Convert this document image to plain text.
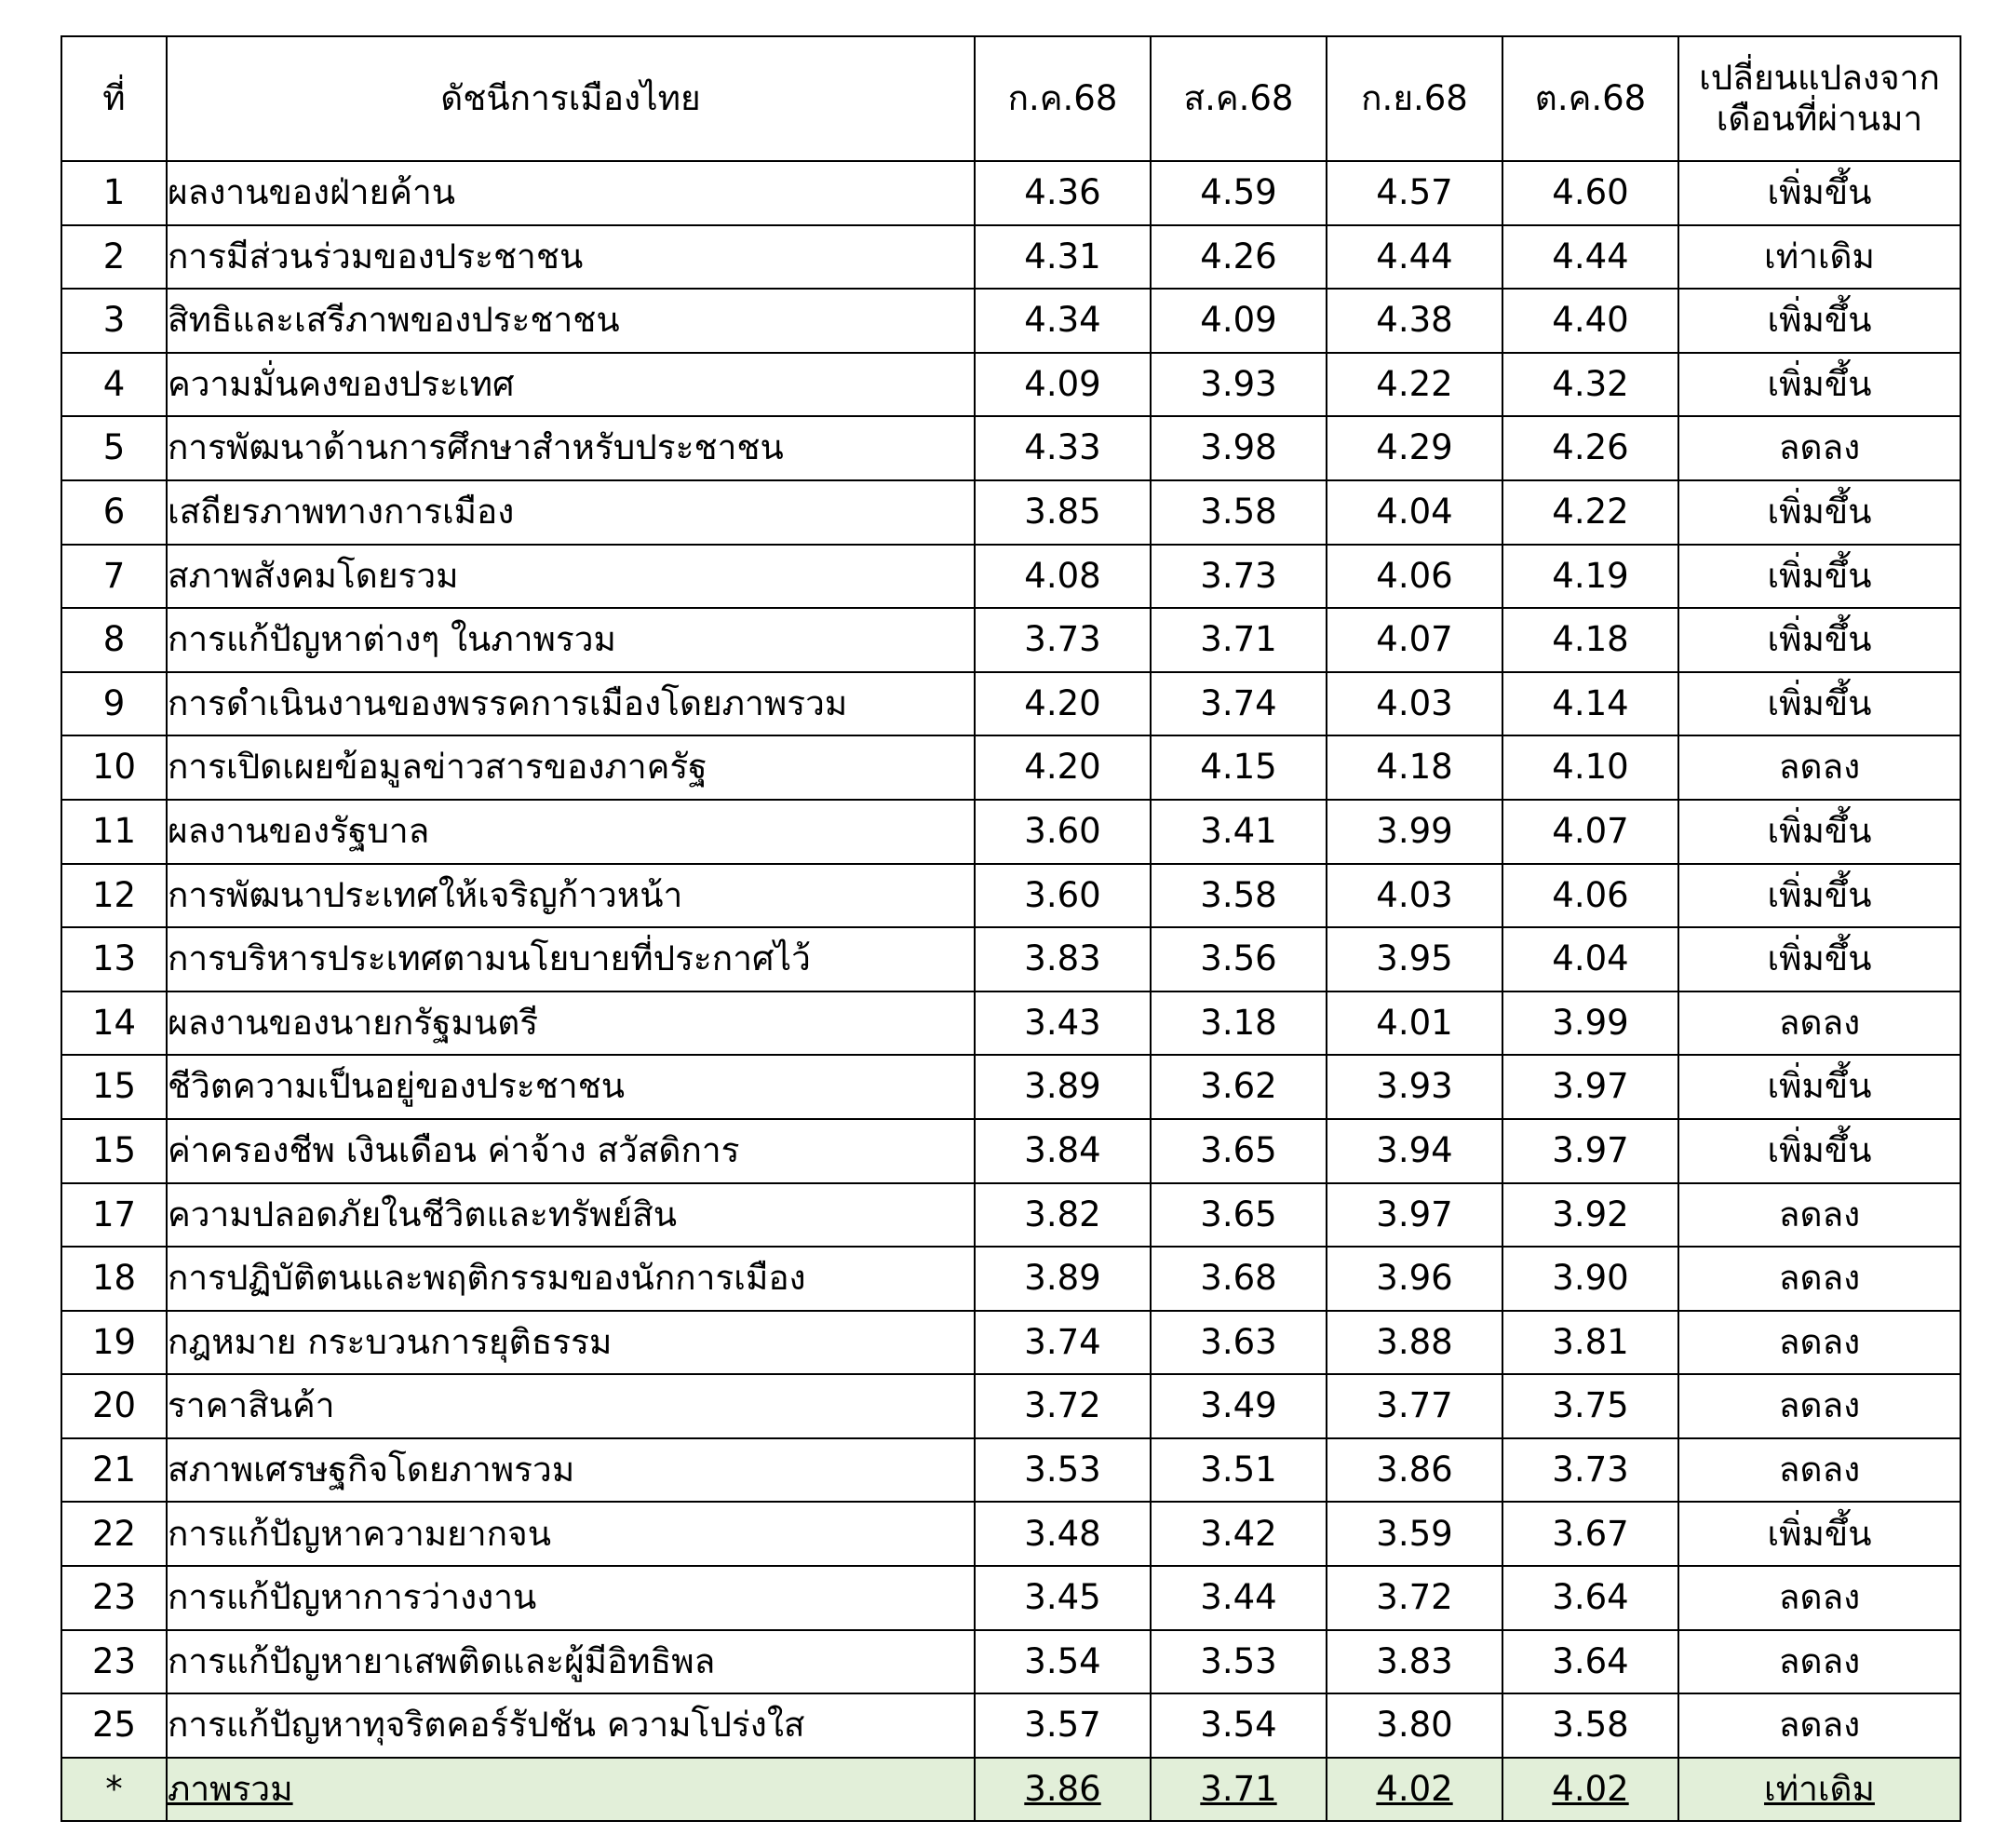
ที่	ดัชนีการเมืองไทย	ก.ค.68	ส.ค.68	ก.ย.68	ต.ค.68	เปลี่ยนแปลงจาก
เดือนที่ผ่านมา

1	ผลงานของฝ่ายค้าน	4.36	4.59	4.57	4.60	เพิ่มขึ้น
2	การมีส่วนร่วมของประชาชน	4.31	4.26	4.44	4.44	เท่าเดิม
3	สิทธิและเสรีภาพของประชาชน	4.34	4.09	4.38	4.40	เพิ่มขึ้น
4	ความมั่นคงของประเทศ	4.09	3.93	4.22	4.32	เพิ่มขึ้น
5	การพัฒนาด้านการศึกษาสำหรับประชาชน	4.33	3.98	4.29	4.26	ลดลง
6	เสถียรภาพทางการเมือง	3.85	3.58	4.04	4.22	เพิ่มขึ้น
7	สภาพสังคมโดยรวม	4.08	3.73	4.06	4.19	เพิ่มขึ้น
8	การแก้ปัญหาต่างๆ ในภาพรวม	3.73	3.71	4.07	4.18	เพิ่มขึ้น
9	การดำเนินงานของพรรคการเมืองโดยภาพรวม	4.20	3.74	4.03	4.14	เพิ่มขึ้น
10	การเปิดเผยข้อมูลข่าวสารของภาครัฐ	4.20	4.15	4.18	4.10	ลดลง
11	ผลงานของรัฐบาล	3.60	3.41	3.99	4.07	เพิ่มขึ้น
12	การพัฒนาประเทศให้เจริญก้าวหน้า	3.60	3.58	4.03	4.06	เพิ่มขึ้น
13	การบริหารประเทศตามนโยบายที่ประกาศไว้	3.83	3.56	3.95	4.04	เพิ่มขึ้น
14	ผลงานของนายกรัฐมนตรี	3.43	3.18	4.01	3.99	ลดลง
15	ชีวิตความเป็นอยู่ของประชาชน	3.89	3.62	3.93	3.97	เพิ่มขึ้น
15	ค่าครองชีพ เงินเดือน ค่าจ้าง สวัสดิการ	3.84	3.65	3.94	3.97	เพิ่มขึ้น
17	ความปลอดภัยในชีวิตและทรัพย์สิน	3.82	3.65	3.97	3.92	ลดลง
18	การปฏิบัติตนและพฤติกรรมของนักการเมือง	3.89	3.68	3.96	3.90	ลดลง
19	กฎหมาย กระบวนการยุติธรรม	3.74	3.63	3.88	3.81	ลดลง
20	ราคาสินค้า	3.72	3.49	3.77	3.75	ลดลง
21	สภาพเศรษฐกิจโดยภาพรวม	3.53	3.51	3.86	3.73	ลดลง
22	การแก้ปัญหาความยากจน	3.48	3.42	3.59	3.67	เพิ่มขึ้น
23	การแก้ปัญหาการว่างงาน	3.45	3.44	3.72	3.64	ลดลง
23	การแก้ปัญหายาเสพติดและผู้มีอิทธิพล	3.54	3.53	3.83	3.64	ลดลง
25	การแก้ปัญหาทุจริตคอร์รัปชัน ความโปร่งใส	3.57	3.54	3.80	3.58	ลดลง
*	ภาพรวม	3.86	3.71	4.02	4.02	เท่าเดิม
